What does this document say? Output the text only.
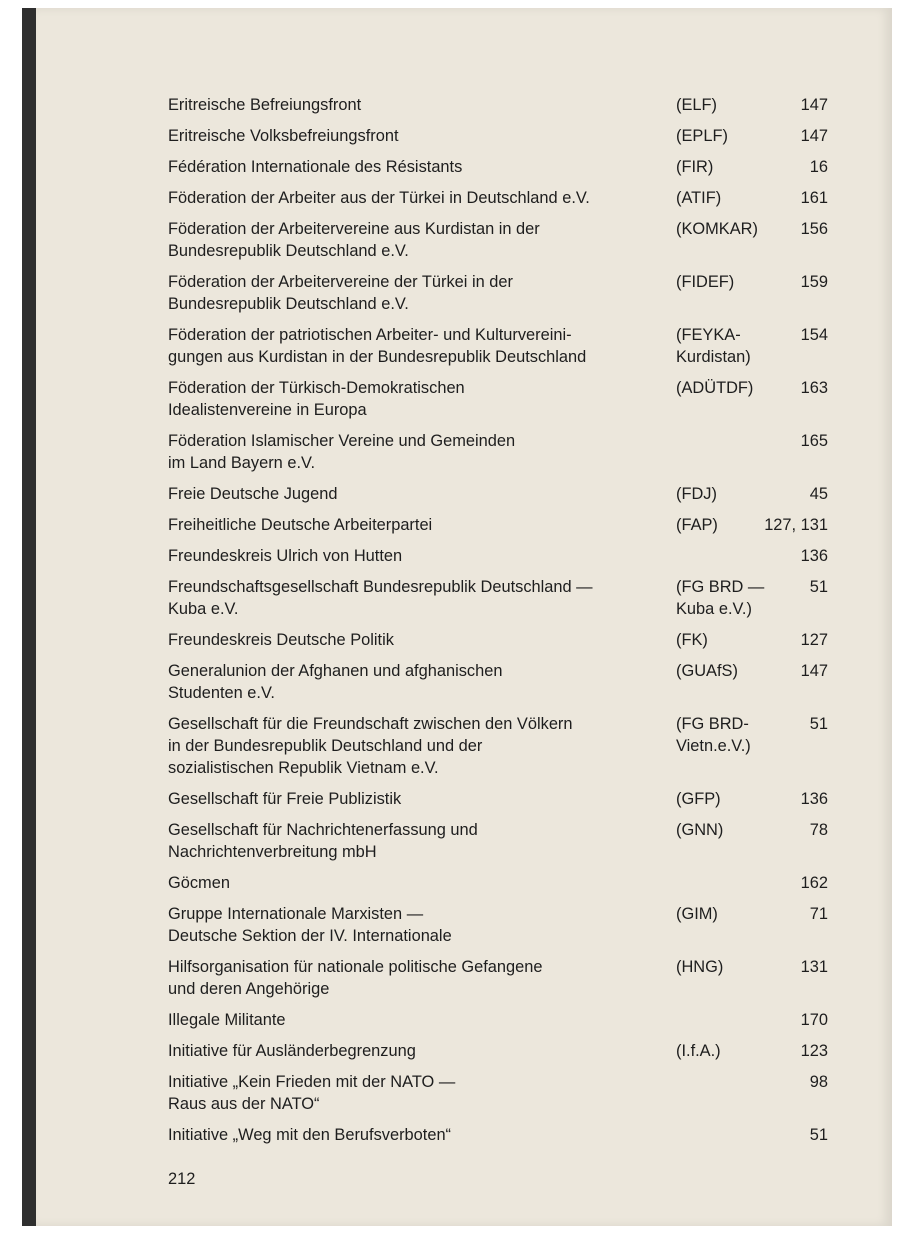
Eritreische Befreiungsfront	(ELF)	147
Eritreische Volksbefreiungsfront	(EPLF)	147
Fédération Internationale des Résistants	(FIR)	16
Föderation der Arbeiter aus der Türkei in Deutschland e.V.	(ATIF)	161
Föderation der Arbeitervereine aus Kurdistan in der
Bundesrepublik Deutschland e.V.
(KOMKAR)	156
Föderation der Arbeitervereine der Türkei in der
Bundesrepublik Deutschland e.V.
(FIDEF)	159
Föderation der patriotischen Arbeiter- und Kulturvereini-
gungen aus Kurdistan in der Bundesrepublik Deutschland
(FEYKA-
Kurdistan)
154
Föderation der Türkisch-Demokratischen
Idealistenvereine in Europa
(ADÜTDF)	163
Föderation Islamischer Vereine und Gemeinden
im Land Bayern e.V.
165
Freie Deutsche Jugend	(FDJ)	45
Freiheitliche Deutsche Arbeiterpartei	(FAP)	127, 131
Freundeskreis Ulrich von Hutten	136
Freundschaftsgesellschaft Bundesrepublik Deutschland —
Kuba e.V.
(FG BRD —
Kuba e.V.)
51
Freundeskreis Deutsche Politik	(FK)	127
Generalunion der Afghanen und afghanischen
Studenten e.V.
(GUAfS)	147
Gesellschaft für die Freundschaft zwischen den Völkern
in der Bundesrepublik Deutschland und der
sozialistischen Republik Vietnam e.V.
(FG BRD-
Vietn.e.V.)
51
Gesellschaft für Freie Publizistik	(GFP)	136
Gesellschaft für Nachrichtenerfassung und
Nachrichtenverbreitung mbH
(GNN)	78
Göcmen	162
Gruppe Internationale Marxisten —
Deutsche Sektion der IV. Internationale
(GIM)	71
Hilfsorganisation für nationale politische Gefangene
und deren Angehörige
(HNG)	131
Illegale Militante	170
Initiative für Ausländerbegrenzung	(I.f.A.)	123
Initiative „Kein Frieden mit der NATO —
Raus aus der NATO“
98
Initiative „Weg mit den Berufsverboten“	51
212
